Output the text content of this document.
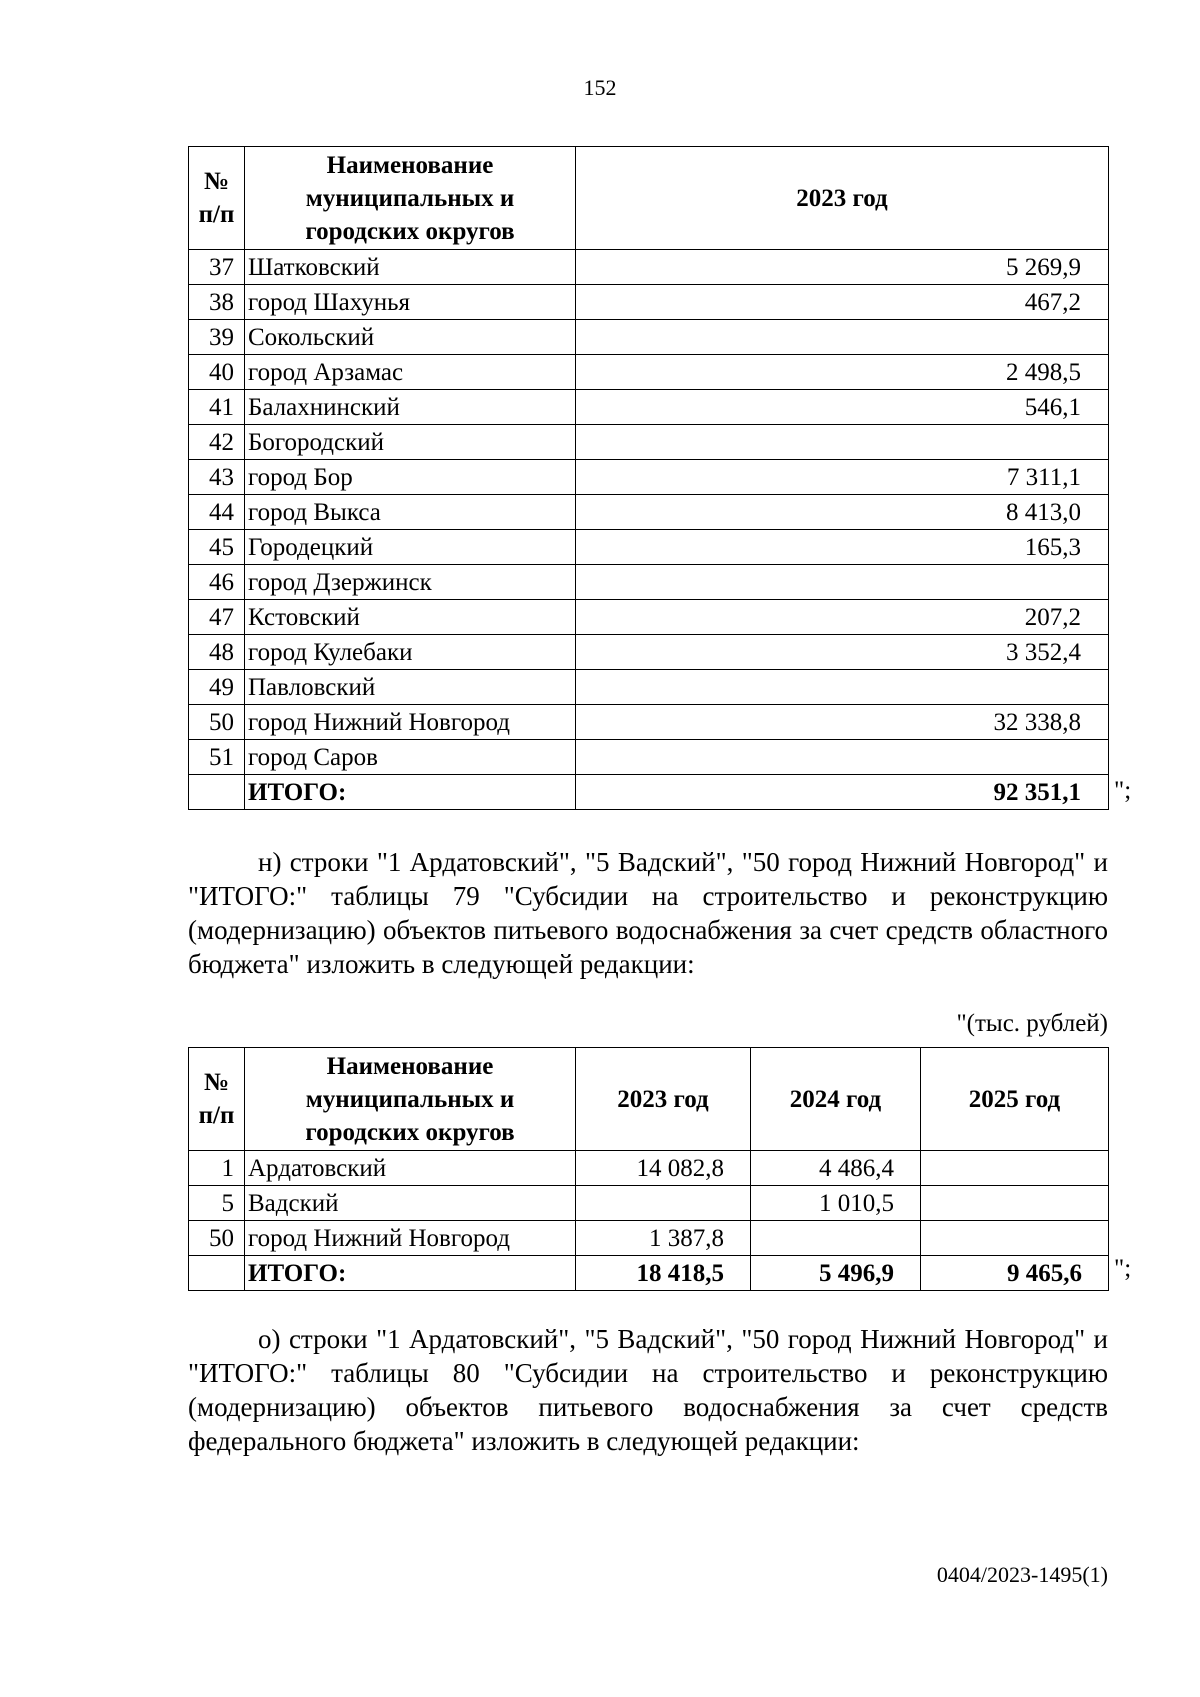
152
№ п/п	Наименование муниципальных и городских округов	2023 год
37	Шатковский	5 269,9
38	город Шахунья	467,2
39	Сокольский	
40	город Арзамас	2 498,5
41	Балахнинский	546,1
42	Богородский	
43	город Бор	7 311,1
44	город Выкса	8 413,0
45	Городецкий	165,3
46	город Дзержинск	
47	Кстовский	207,2
48	город Кулебаки	3 352,4
49	Павловский	
50	город Нижний Новгород	32 338,8
51	город Саров	
	ИТОГО:	92 351,1 ";
н) строки "1 Ардатовский", "5 Вадский", "50 город Нижний Новгород" и "ИТОГО:" таблицы 79 "Субсидии на строительство и реконструкцию (модернизацию) объектов питьевого водоснабжения за счет средств областного бюджета" изложить в следующей редакции:
"(тыс. рублей)
№ п/п	Наименование муниципальных и городских округов	2023 год	2024 год	2025 год
1	Ардатовский	14 082,8	4 486,4	
5	Вадский		1 010,5	
50	город Нижний Новгород	1 387,8		
	ИТОГО:	18 418,5	5 496,9	9 465,6 ";
о) строки "1 Ардатовский", "5 Вадский", "50 город Нижний Новгород" и "ИТОГО:" таблицы 80 "Субсидии на строительство и реконструкцию (модернизацию) объектов питьевого водоснабжения за счет средств федерального бюджета" изложить в следующей редакции:
0404/2023-1495(1)
